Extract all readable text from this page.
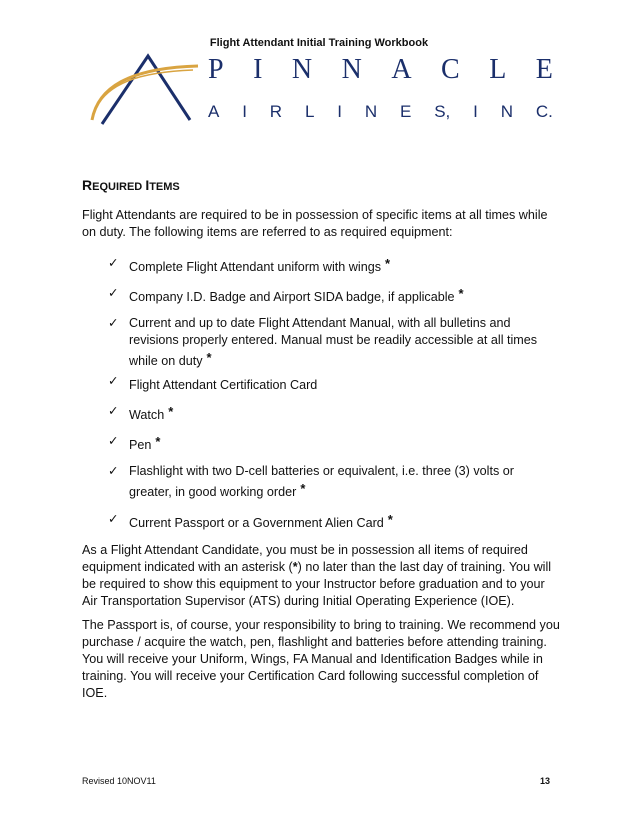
Flight Attendant Initial Training Workbook
P I N N A C L E
A I R L I N E S, I N C.
REQUIRED ITEMS
Flight Attendants are required to be in possession of specific items at all times while on duty. The following items are referred to as required equipment:
✓ Complete Flight Attendant uniform with wings *
✓ Company I.D. Badge and Airport SIDA badge, if applicable *
✓ Current and up to date Flight Attendant Manual, with all bulletins and revisions properly entered. Manual must be readily accessible at all times while on duty *
✓ Flight Attendant Certification Card
✓ Watch *
✓ Pen *
✓ Flashlight with two D-cell batteries or equivalent, i.e. three (3) volts or greater, in good working order *
✓ Current Passport or a Government Alien Card *
As a Flight Attendant Candidate, you must be in possession all items of required equipment indicated with an asterisk (*) no later than the last day of training. You will be required to show this equipment to your Instructor before graduation and to your Air Transportation Supervisor (ATS) during Initial Operating Experience (IOE).
The Passport is, of course, your responsibility to bring to training. We recommend you purchase / acquire the watch, pen, flashlight and batteries before attending training. You will receive your Uniform, Wings, FA Manual and Identification Badges while in training. You will receive your Certification Card following successful completion of IOE.
Revised 10NOV11	13
